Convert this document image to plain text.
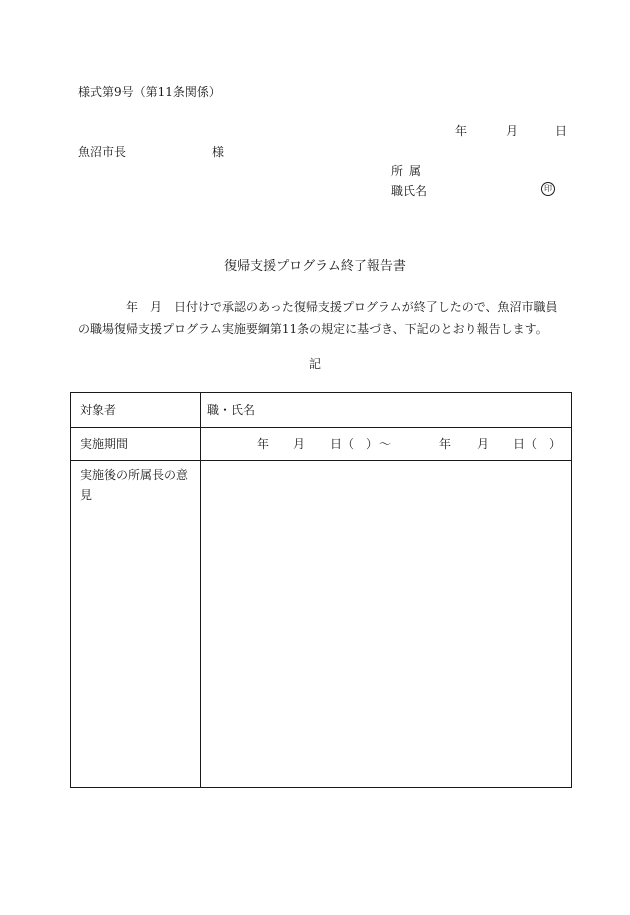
様式第9号（第11条関係）
年	月	日
魚沼市長	様
所属
職氏名	印
復帰支援プログラム終了報告書
年　月　日付けで承認のあった復帰支援プログラムが終了したので、魚沼市職員の職場復帰支援プログラム実施要綱第11条の規定に基づき、下記のとおり報告します。
記
対象者	職・氏名
実施期間	年 月 日（　） ～	年 月 日（　）
実施後の所属長の意見
